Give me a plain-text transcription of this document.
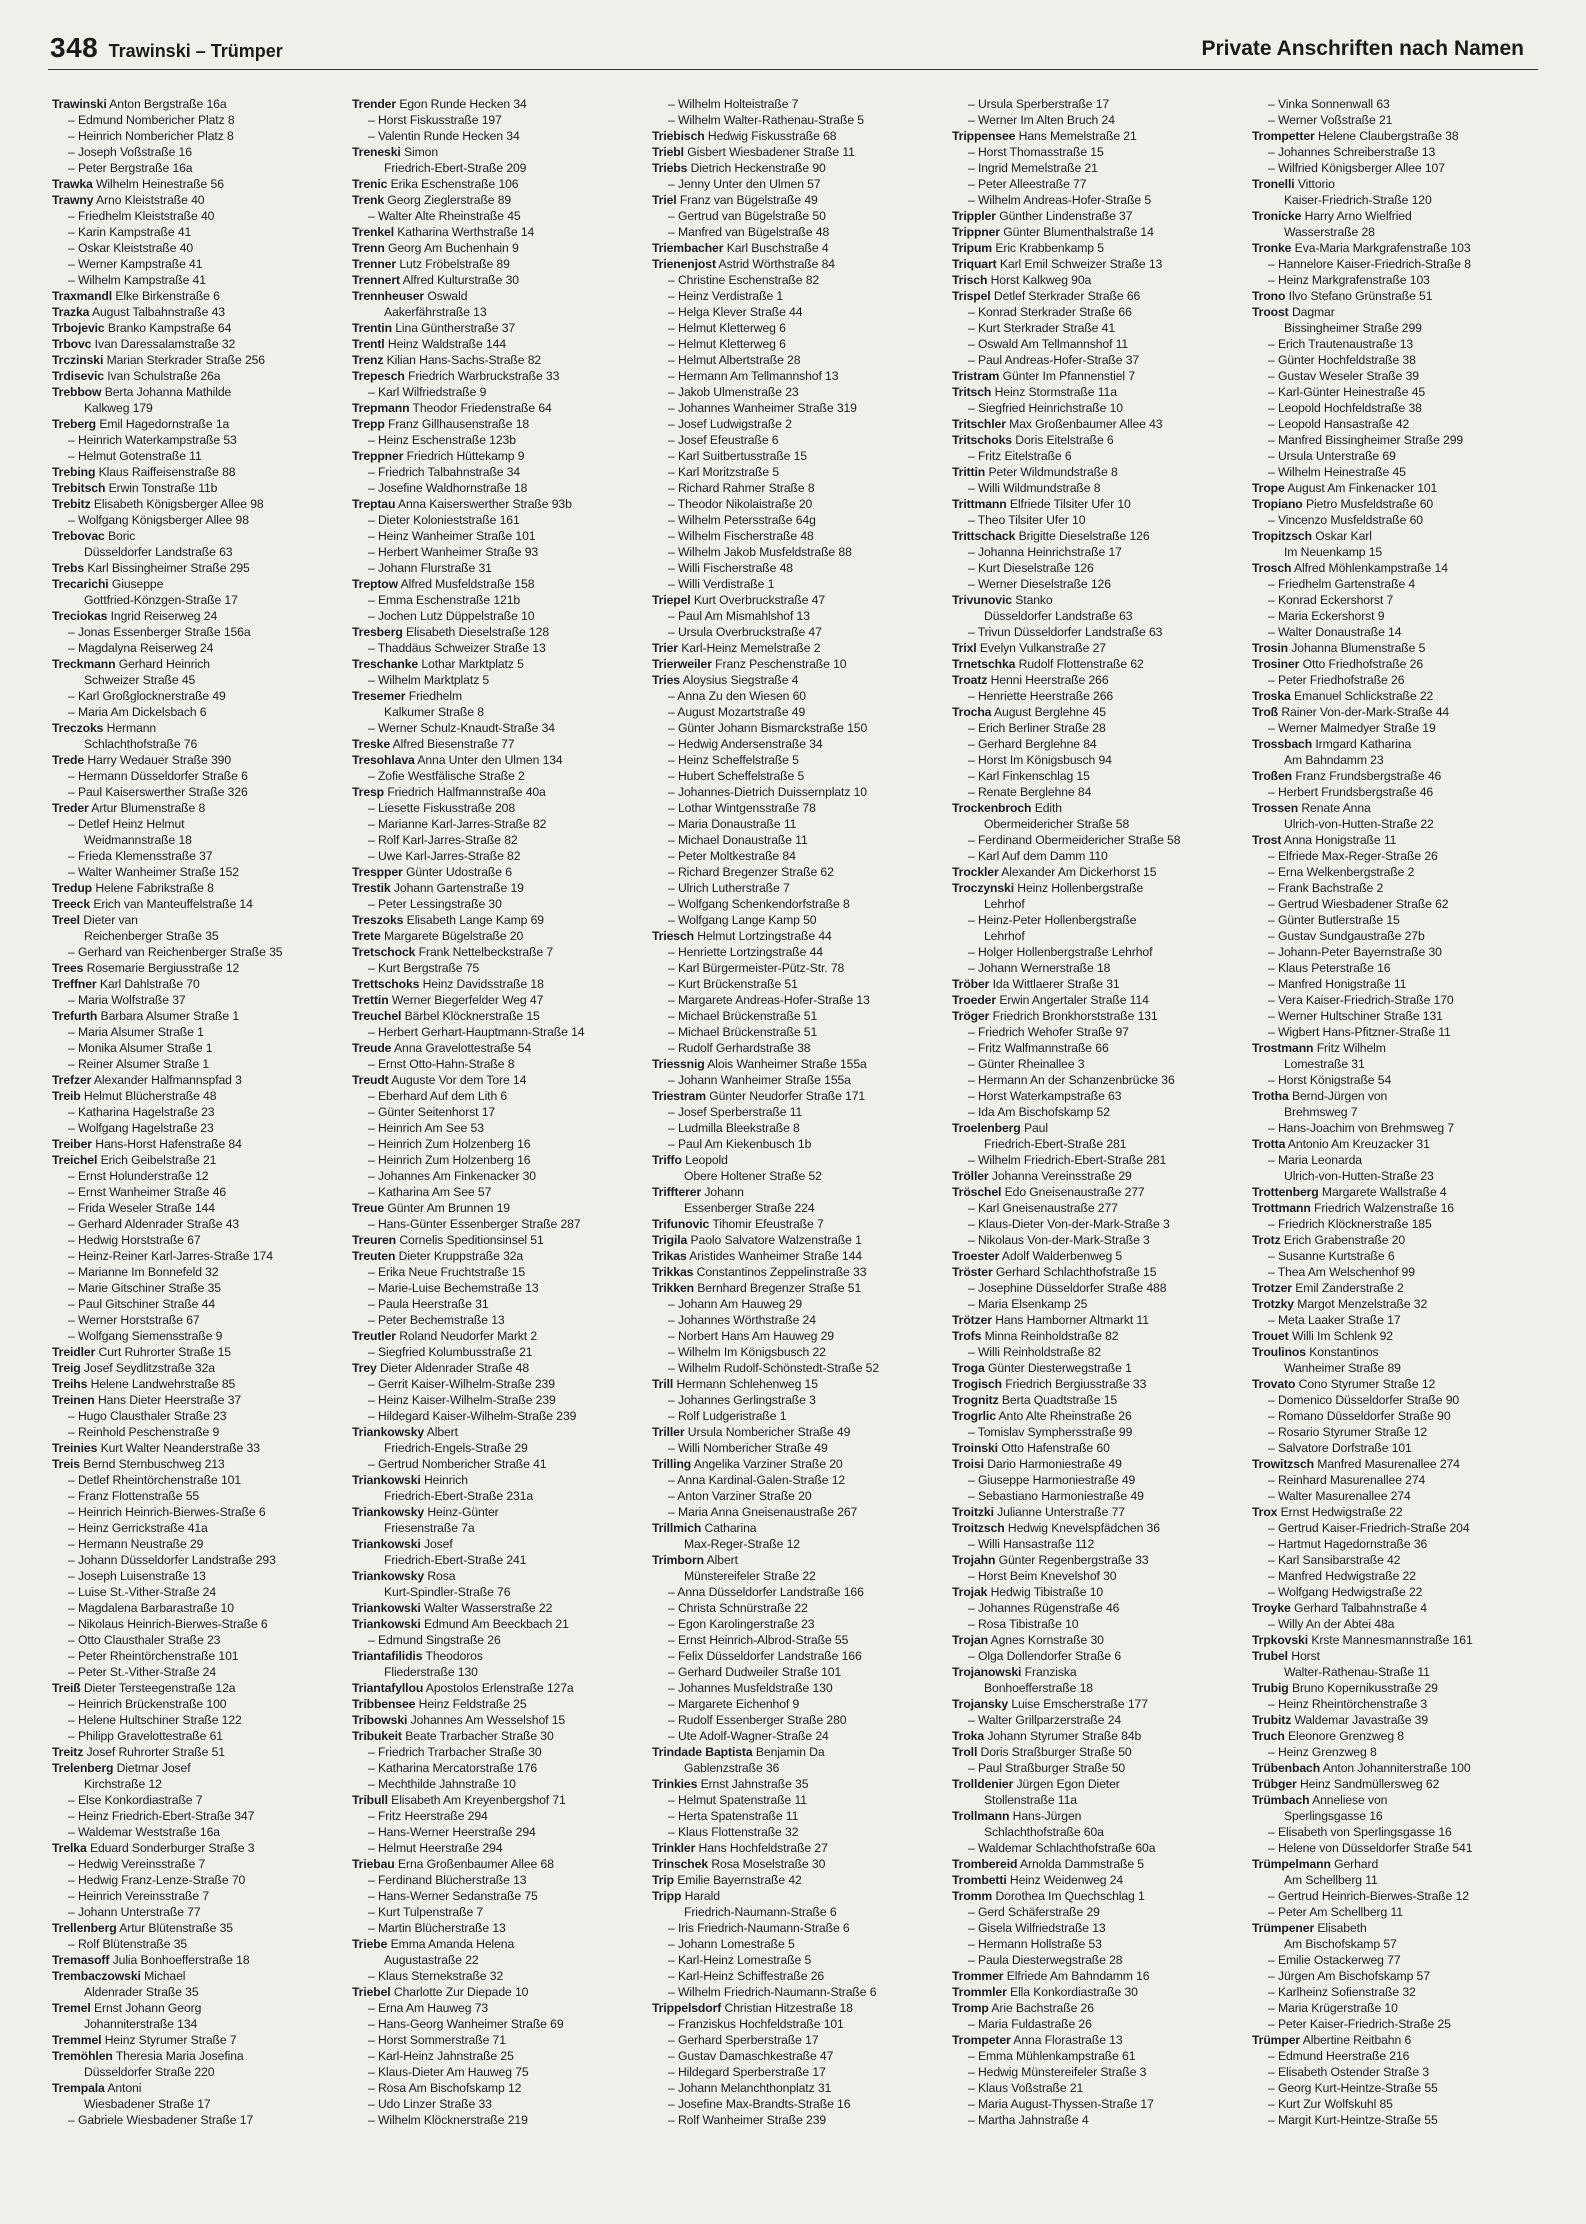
348 Trawinski – Trümper	Private Anschriften nach Namen
Trawinski Anton Bergstraße 16a
– Edmund Nombericher Platz 8
– Heinrich Nombericher Platz 8
– Joseph Voßstraße 16
– Peter Bergstraße 16a
Trawka Wilhelm Heinestraße 56
Trawny Arno Kleiststraße 40
– Friedhelm Kleiststraße 40
– Karin Kampstraße 41
– Oskar Kleiststraße 40
– Werner Kampstraße 41
– Wilhelm Kampstraße 41
Traxmandl Elke Birkenstraße 6
Trazka August Talbahnstraße 43
Trbojevic Branko Kampstraße 64
Trbovc Ivan Daressalamstraße 32
Trczinski Marian Sterkrader Straße 256
Trdisevic Ivan Schulstraße 26a
Trebbow Berta Johanna Mathilde
Kalkweg 179
Treberg Emil Hagedornstraße 1a
– Heinrich Waterkampstraße 53
– Helmut Gotenstraße 11
Trebing Klaus Raiffeisenstraße 88
Trebitsch Erwin Tonstraße 11b
Trebitz Elisabeth Königsberger Allee 98
– Wolfgang Königsberger Allee 98
Trebovac Boric
Düsseldorfer Landstraße 63
Trebs Karl Bissingheimer Straße 295
Trecarichi Giuseppe
Gottfried-Könzgen-Straße 17
Treciokas Ingrid Reiserweg 24
– Jonas Essenberger Straße 156a
– Magdalyna Reiserweg 24
Treckmann Gerhard Heinrich
Schweizer Straße 45
– Karl Großglocknerstraße 49
– Maria Am Dickelsbach 6
Treczoks Hermann
Schlachthofstraße 76
Trede Harry Wedauer Straße 390
– Hermann Düsseldorfer Straße 6
– Paul Kaiserswerther Straße 326
Treder Artur Blumenstraße 8
– Detlef Heinz Helmut
Weidmannstraße 18
– Frieda Klemensstraße 37
– Walter Wanheimer Straße 152
Tredup Helene Fabrikstraße 8
Treeck Erich van Manteuffelstraße 14
Treel Dieter van
Reichenberger Straße 35
– Gerhard van Reichenberger Straße 35
Trees Rosemarie Bergiusstraße 12
Treffner Karl Dahlstraße 70
– Maria Wolfstraße 37
Trefurth Barbara Alsumer Straße 1
– Maria Alsumer Straße 1
– Monika Alsumer Straße 1
– Reiner Alsumer Straße 1
Trefzer Alexander Halfmannspfad 3
Treib Helmut Blücherstraße 48
– Katharina Hagelstraße 23
– Wolfgang Hagelstraße 23
Treiber Hans-Horst Hafenstraße 84
Treichel Erich Geibelstraße 21
– Ernst Holunderstraße 12
– Ernst Wanheimer Straße 46
– Frida Weseler Straße 144
– Gerhard Aldenrader Straße 43
– Hedwig Horststraße 67
– Heinz-Reiner Karl-Jarres-Straße 174
– Marianne Im Bonnefeld 32
– Marie Gitschiner Straße 35
– Paul Gitschiner Straße 44
– Werner Horststraße 67
– Wolfgang Siemensstraße 9
Treidler Curt Ruhrorter Straße 15
Treig Josef Seydlitzstraße 32a
Treihs Helene Landwehrstraße 85
Treinen Hans Dieter Heerstraße 37
– Hugo Clausthaler Straße 23
– Reinhold Peschenstraße 9
Treinies Kurt Walter Neanderstraße 33
Treis Bernd Sternbuschweg 213
– Detlef Rheintörchenstraße 101
– Franz Flottenstraße 55
– Heinrich Heinrich-Bierwes-Straße 6
– Heinz Gerrickstraße 41a
– Hermann Neustraße 29
– Johann Düsseldorfer Landstraße 293
– Joseph Luisenstraße 13
– Luise St.-Vither-Straße 24
– Magdalena Barbarastraße 10
– Nikolaus Heinrich-Bierwes-Straße 6
– Otto Clausthaler Straße 23
– Peter Rheintörchenstraße 101
– Peter St.-Vither-Straße 24
Treiß Dieter Tersteegenstraße 12a
– Heinrich Brückenstraße 100
– Helene Hultschiner Straße 122
– Philipp Gravelottestraße 61
Treitz Josef Ruhrorter Straße 51
Trelenberg Dietmar Josef
Kirchstraße 12
– Else Konkordiastraße 7
– Heinz Friedrich-Ebert-Straße 347
– Waldemar Weststraße 16a
Trelka Eduard Sonderburger Straße 3
– Hedwig Vereinsstraße 7
– Hedwig Franz-Lenze-Straße 70
– Heinrich Vereinsstraße 7
– Johann Unterstraße 77
Trellenberg Artur Blütenstraße 35
– Rolf Blütenstraße 35
Tremasoff Julia Bonhoefferstraße 18
Trembaczowski Michael
Aldenrader Straße 35
Tremel Ernst Johann Georg
Johanniterstraße 134
Tremmel Heinz Styrumer Straße 7
Tremöhlen Theresia Maria Josefina
Düsseldorfer Straße 220
Trempala Antoni
Wiesbadener Straße 17
– Gabriele Wiesbadener Straße 17
Trender Egon Runde Hecken 34
– Horst Fiskusstraße 197
– Valentin Runde Hecken 34
Treneski Simon
Friedrich-Ebert-Straße 209
Trenic Erika Eschenstraße 106
Trenk Georg Zieglerstraße 89
– Walter Alte Rheinstraße 45
Trenkel Katharina Werthstraße 14
Trenn Georg Am Buchenhain 9
Trenner Lutz Fröbelstraße 89
Trennert Alfred Kulturstraße 30
Trennheuser Oswald
Aakerfährstraße 13
Trentin Lina Güntherstraße 37
Trentl Heinz Waldstraße 144
Trenz Kilian Hans-Sachs-Straße 82
Trepesch Friedrich Warbruckstraße 33
– Karl Wilfriedstraße 9
Trepmann Theodor Friedenstraße 64
Trepp Franz Gillhausenstraße 18
– Heinz Eschenstraße 123b
Treppner Friedrich Hüttekamp 9
– Friedrich Talbahnstraße 34
– Josefine Waldhornstraße 18
Treptau Anna Kaiserswerther Straße 93b
– Dieter Kolonieststraße 161
– Heinz Wanheimer Straße 101
– Herbert Wanheimer Straße 93
– Johann Flurstraße 31
Treptow Alfred Musfeldstraße 158
– Emma Eschenstraße 121b
– Jochen Lutz Düppelstraße 10
Tresberg Elisabeth Dieselstraße 128
– Thaddäus Schweizer Straße 13
Treschanke Lothar Marktplatz 5
– Wilhelm Marktplatz 5
Tresemer Friedhelm
Kalkumer Straße 8
– Werner Schulz-Knaudt-Straße 34
Treske Alfred Biesenstraße 77
Tresohlava Anna Unter den Ulmen 134
– Zofie Westfälische Straße 2
Tresp Friedrich Halfmannstraße 40a
– Liesette Fiskusstraße 208
– Marianne Karl-Jarres-Straße 82
– Rolf Karl-Jarres-Straße 82
– Uwe Karl-Jarres-Straße 82
Trespper Günter Udostraße 6
Trestik Johann Gartenstraße 19
– Peter Lessingstraße 30
Treszoks Elisabeth Lange Kamp 69
Trete Margarete Bügelstraße 20
Tretschock Frank Nettelbeckstraße 7
– Kurt Bergstraße 75
Trettschoks Heinz Davidsstraße 18
Trettin Werner Biegerfelder Weg 47
Treuchel Bärbel Klöcknerstraße 15
– Herbert Gerhart-Hauptmann-Straße 14
Treude Anna Gravelottestraße 54
– Ernst Otto-Hahn-Straße 8
Treudt Auguste Vor dem Tore 14
– Eberhard Auf dem Lith 6
– Günter Seitenhorst 17
– Heinrich Am See 53
– Heinrich Zum Holzenberg 16
– Heinrich Zum Holzenberg 16
– Johannes Am Finkenacker 30
– Katharina Am See 57
Treue Günter Am Brunnen 19
– Hans-Günter Essenberger Straße 287
Treuren Cornelis Speditionsinsel 51
Treuten Dieter Kruppstraße 32a
– Erika Neue Fruchtstraße 15
– Marie-Luise Bechemstraße 13
– Paula Heerstraße 31
– Peter Bechemstraße 13
Treutler Roland Neudorfer Markt 2
– Siegfried Kolumbusstraße 21
Trey Dieter Aldenrader Straße 48
– Gerrit Kaiser-Wilhelm-Straße 239
– Heinz Kaiser-Wilhelm-Straße 239
– Hildegard Kaiser-Wilhelm-Straße 239
Triankowsky Albert
Friedrich-Engels-Straße 29
– Gertrud Nombericher Straße 41
Triankowski Heinrich
Friedrich-Ebert-Straße 231a
Triankowsky Heinz-Günter
Friesenstraße 7a
Triankowski Josef
Friedrich-Ebert-Straße 241
Triankowsky Rosa
Kurt-Spindler-Straße 76
Triankowski Walter Wasserstraße 22
Triankowski Edmund Am Beeckbach 21
– Edmund Singstraße 26
Triantafilidis Theodoros
Fliederstraße 130
Triantafyllou Apostolos Erlenstraße 127a
Tribbensee Heinz Feldstraße 25
Tribowski Johannes Am Wesselshof 15
Tribukeit Beate Trarbacher Straße 30
– Friedrich Trarbacher Straße 30
– Katharina Mercatorstraße 176
– Mechthilde Jahnstraße 10
Tribull Elisabeth Am Kreyenbergshof 71
– Fritz Heerstraße 294
– Hans-Werner Heerstraße 294
– Helmut Heerstraße 294
Triebau Erna Großenbaumer Allee 68
– Ferdinand Blücherstraße 13
– Hans-Werner Sedanstraße 75
– Kurt Tulpenstraße 7
– Martin Blücherstraße 13
Triebe Emma Amanda Helena
Augustastraße 22
– Klaus Sternekstraße 32
Triebel Charlotte Zur Diepade 10
– Erna Am Hauweg 73
– Hans-Georg Wanheimer Straße 69
– Horst Sommerstraße 71
– Karl-Heinz Jahnstraße 25
– Klaus-Dieter Am Hauweg 75
– Rosa Am Bischofskamp 12
– Udo Linzer Straße 33
– Wilhelm Klöcknerstraße 219
– Wilhelm Holteistraße 7
– Wilhelm Walter-Rathenau-Straße 5
Triebisch Hedwig Fiskusstraße 68
Triebl Gisbert Wiesbadener Straße 11
Triebs Dietrich Heckenstraße 90
– Jenny Unter den Ulmen 57
Triel Franz van Bügelstraße 49
– Gertrud van Bügelstraße 50
– Manfred van Bügelstraße 48
Triembacher Karl Buschstraße 4
Trienenjost Astrid Wörthstraße 84
– Christine Eschenstraße 82
– Heinz Verdistraße 1
– Helga Klever Straße 44
– Helmut Kletterweg 6
– Helmut Kletterweg 6
– Helmut Albertstraße 28
– Hermann Am Tellmannshof 13
– Jakob Ulmenstraße 23
– Johannes Wanheimer Straße 319
– Josef Ludwigstraße 2
– Josef Efeustraße 6
– Karl Suitbertusstraße 15
– Karl Moritzstraße 5
– Richard Rahmer Straße 8
– Theodor Nikolaistraße 20
– Wilhelm Petersstraße 64g
– Wilhelm Fischerstraße 48
– Wilhelm Jakob Musfeldstraße 88
– Willi Fischerstraße 48
– Willi Verdistraße 1
Triepel Kurt Overbruckstraße 47
– Paul Am Mismahlshof 13
– Ursula Overbruckstraße 47
Trier Karl-Heinz Memelstraße 2
Trierweiler Franz Peschenstraße 10
Tries Aloysius Siegstraße 4
– Anna Zu den Wiesen 60
– August Mozartstraße 49
– Günter Johann Bismarckstraße 150
– Hedwig Andersenstraße 34
– Heinz Scheffelstraße 5
– Hubert Scheffelstraße 5
– Johannes-Dietrich Duissernplatz 10
– Lothar Wintgensstraße 78
– Maria Donaustraße 11
– Michael Donaustraße 11
– Peter Moltkestraße 84
– Richard Bregenzer Straße 62
– Ulrich Lutherstraße 7
– Wolfgang Schenkendorfstraße 8
– Wolfgang Lange Kamp 50
Triesch Helmut Lortzingstraße 44
– Henriette Lortzingstraße 44
– Karl Bürgermeister-Pütz-Str. 78
– Kurt Brückenstraße 51
– Margarete Andreas-Hofer-Straße 13
– Michael Brückenstraße 51
– Michael Brückenstraße 51
– Rudolf Gerhardstraße 38
Triessnig Alois Wanheimer Straße 155a
– Johann Wanheimer Straße 155a
Triestram Günter Neudorfer Straße 171
– Josef Sperberstraße 11
– Ludmilla Bleekstraße 8
– Paul Am Kiekenbusch 1b
Triffo Leopold
Obere Holtener Straße 52
Triffterer Johann
Essenberger Straße 224
Trifunovic Tihomir Efeustraße 7
Trigila Paolo Salvatore Walzenstraße 1
Trikas Aristides Wanheimer Straße 144
Trikkas Constantinos Zeppelinstraße 33
Trikken Bernhard Bregenzer Straße 51
– Johann Am Hauweg 29
– Johannes Wörthstraße 24
– Norbert Hans Am Hauweg 29
– Wilhelm Im Königsbusch 22
– Wilhelm Rudolf-Schönstedt-Straße 52
Trill Hermann Schlehenweg 15
– Johannes Gerlingstraße 3
– Rolf Ludgeristraße 1
Triller Ursula Nombericher Straße 49
– Willi Nombericher Straße 49
Trilling Angelika Varziner Straße 20
– Anna Kardinal-Galen-Straße 12
– Anton Varziner Straße 20
– Maria Anna Gneisenaustraße 267
Trillmich Catharina
Max-Reger-Straße 12
Trimborn Albert
Münstereifeler Straße 22
– Anna Düsseldorfer Landstraße 166
– Christa Schnürstraße 22
– Egon Karolingerstraße 23
– Ernst Heinrich-Albrod-Straße 55
– Felix Düsseldorfer Landstraße 166
– Gerhard Dudweiler Straße 101
– Johannes Musfeldstraße 130
– Margarete Eichenhof 9
– Rudolf Essenberger Straße 280
– Ute Adolf-Wagner-Straße 24
Trindade Baptista Benjamin Da
Gablenzstraße 36
Trinkies Ernst Jahnstraße 35
– Helmut Spatenstraße 11
– Herta Spatenstraße 11
– Klaus Flottenstraße 32
Trinkler Hans Hochfeldstraße 27
Trinschek Rosa Moselstraße 30
Trip Emilie Bayernstraße 42
Tripp Harald
Friedrich-Naumann-Straße 6
– Iris Friedrich-Naumann-Straße 6
– Johann Lomestraße 5
– Karl-Heinz Lomestraße 5
– Karl-Heinz Schiffestraße 26
– Wilhelm Friedrich-Naumann-Straße 6
Trippelsdorf Christian Hitzestraße 18
– Franziskus Hochfeldstraße 101
– Gerhard Sperberstraße 17
– Gustav Damaschkestraße 47
– Hildegard Sperberstraße 17
– Johann Melanchthonplatz 31
– Josefine Max-Brandts-Straße 16
– Rolf Wanheimer Straße 239
– Ursula Sperberstraße 17
– Werner Im Alten Bruch 24
Trippensee Hans Memelstraße 21
– Horst Thomasstraße 15
– Ingrid Memelstraße 21
– Peter Alleestraße 77
– Wilhelm Andreas-Hofer-Straße 5
Trippler Günther Lindenstraße 37
Trippner Günter Blumenthalstraße 14
Tripum Eric Krabbenkamp 5
Triquart Karl Emil Schweizer Straße 13
Trisch Horst Kalkweg 90a
Trispel Detlef Sterkrader Straße 66
– Konrad Sterkrader Straße 66
– Kurt Sterkrader Straße 41
– Oswald Am Tellmannshof 11
– Paul Andreas-Hofer-Straße 37
Tristram Günter Im Pfannenstiel 7
Tritsch Heinz Stormstraße 11a
– Siegfried Heinrichstraße 10
Tritschler Max Großenbaumer Allee 43
Tritschoks Doris Eitelstraße 6
– Fritz Eitelstraße 6
Trittin Peter Wildmundstraße 8
– Willi Wildmundstraße 8
Trittmann Elfriede Tilsiter Ufer 10
– Theo Tilsiter Ufer 10
Trittschack Brigitte Dieselstraße 126
– Johanna Heinrichstraße 17
– Kurt Dieselstraße 126
– Werner Dieselstraße 126
Trivunovic Stanko
Düsseldorfer Landstraße 63
– Trivun Düsseldorfer Landstraße 63
Trixl Evelyn Vulkanstraße 27
Trnetschka Rudolf Flottenstraße 62
Troatz Henni Heerstraße 266
– Henriette Heerstraße 266
Trocha August Berglehne 45
– Erich Berliner Straße 28
– Gerhard Berglehne 84
– Horst Im Königsbusch 94
– Karl Finkenschlag 15
– Renate Berglehne 84
Trockenbroch Edith
Obermeidericher Straße 58
– Ferdinand Obermeidericher Straße 58
– Karl Auf dem Damm 110
Trockler Alexander Am Dickerhorst 15
Troczynski Heinz Hollenbergstraße
Lehrhof
– Heinz-Peter Hollenbergstraße
Lehrhof
– Holger Hollenbergstraße Lehrhof
– Johann Wernerstraße 18
Tröber Ida Wittlaerer Straße 31
Troeder Erwin Angertaler Straße 114
Tröger Friedrich Bronkhorststraße 131
– Friedrich Wehofer Straße 97
– Fritz Walfmannstraße 66
– Günter Rheinallee 3
– Hermann An der Schanzenbrücke 36
– Horst Waterkampstraße 63
– Ida Am Bischofskamp 52
Troelenberg Paul
Friedrich-Ebert-Straße 281
– Wilhelm Friedrich-Ebert-Straße 281
Tröller Johanna Vereinsstraße 29
Tröschel Edo Gneisenaustraße 277
– Karl Gneisenaustraße 277
– Klaus-Dieter Von-der-Mark-Straße 3
– Nikolaus Von-der-Mark-Straße 3
Troester Adolf Walderbenweg 5
Tröster Gerhard Schlachthofstraße 15
– Josephine Düsseldorfer Straße 488
– Maria Elsenkamp 25
Trötzer Hans Hamborner Altmarkt 11
Trofs Minna Reinholdstraße 82
– Willi Reinholdstraße 82
Troga Günter Diesterwegstraße 1
Trogisch Friedrich Bergiusstraße 33
Trognitz Berta Quadtstraße 15
Trogrlic Anto Alte Rheinstraße 26
– Tomislav Symphersstraße 99
Troinski Otto Hafenstraße 60
Troisi Dario Harmoniestraße 49
– Giuseppe Harmoniestraße 49
– Sebastiano Harmoniestraße 49
Troitzki Julianne Unterstraße 77
Troitzsch Hedwig Knevelspfädchen 36
– Willi Hansastraße 112
Trojahn Günter Regenbergstraße 33
– Horst Beim Knevelshof 30
Trojak Hedwig Tibistraße 10
– Johannes Rügenstraße 46
– Rosa Tibistraße 10
Trojan Agnes Kornstraße 30
– Olga Dollendorfer Straße 6
Trojanowski Franziska
Bonhoefferstraße 18
Trojansky Luise Emscherstraße 177
– Walter Grillparzerstraße 24
Troka Johann Styrumer Straße 84b
Troll Doris Straßburger Straße 50
– Paul Straßburger Straße 50
Trolldenier Jürgen Egon Dieter
Stollenstraße 11a
Trollmann Hans-Jürgen
Schlachthofstraße 60a
– Waldemar Schlachthofstraße 60a
Trombereid Arnolda Dammstraße 5
Trombetti Heinz Weidenweg 24
Tromm Dorothea Im Quechschlag 1
– Gerd Schäferstraße 29
– Gisela Wilfriedstraße 13
– Hermann Hollstraße 53
– Paula Diesterwegstraße 28
Trommer Elfriede Am Bahndamm 16
Trommler Ella Konkordiastraße 30
Tromp Arie Bachstraße 26
– Maria Fuldastraße 26
Trompeter Anna Florastraße 13
– Emma Mühlenkampstraße 61
– Hedwig Münstereifeler Straße 3
– Klaus Voßstraße 21
– Maria August-Thyssen-Straße 17
– Martha Jahnstraße 4
– Vinka Sonnenwall 63
– Werner Voßstraße 21
Trompetter Helene Claubergstraße 38
– Johannes Schreiberstraße 13
– Wilfried Königsberger Allee 107
Tronelli Vittorio
Kaiser-Friedrich-Straße 120
Tronicke Harry Arno Wielfried
Wasserstraße 28
Tronke Eva-Maria Markgrafenstraße 103
– Hannelore Kaiser-Friedrich-Straße 8
– Heinz Markgrafenstraße 103
Trono Ilvo Stefano Grünstraße 51
Troost Dagmar
Bissingheimer Straße 299
– Erich Trautenaustraße 13
– Günter Hochfeldstraße 38
– Gustav Weseler Straße 39
– Karl-Günter Heinestraße 45
– Leopold Hochfeldstraße 38
– Leopold Hansastraße 42
– Manfred Bissingheimer Straße 299
– Ursula Unterstraße 69
– Wilhelm Heinestraße 45
Trope August Am Finkenacker 101
Tropiano Pietro Musfeldstraße 60
– Vincenzo Musfeldstraße 60
Tropitzsch Oskar Karl
Im Neuenkamp 15
Trosch Alfred Möhlenkampstraße 14
– Friedhelm Gartenstraße 4
– Konrad Eckershorst 7
– Maria Eckershorst 9
– Walter Donaustraße 14
Trosin Johanna Blumenstraße 5
Trosiner Otto Friedhofstraße 26
– Peter Friedhofstraße 26
Troska Emanuel Schlickstraße 22
Troß Rainer Von-der-Mark-Straße 44
– Werner Malmedyer Straße 19
Trossbach Irmgard Katharina
Am Bahndamm 23
Troßen Franz Frundsbergstraße 46
– Herbert Frundsbergstraße 46
Trossen Renate Anna
Ulrich-von-Hutten-Straße 22
Trost Anna Honigstraße 11
– Elfriede Max-Reger-Straße 26
– Erna Welkenbergstraße 2
– Frank Bachstraße 2
– Gertrud Wiesbadener Straße 62
– Günter Butlerstraße 15
– Gustav Sundgaustraße 27b
– Johann-Peter Bayernstraße 30
– Klaus Peterstraße 16
– Manfred Honigstraße 11
– Vera Kaiser-Friedrich-Straße 170
– Werner Hultschiner Straße 131
– Wigbert Hans-Pfitzner-Straße 11
Trostmann Fritz Wilhelm
Lomestraße 31
– Horst Königstraße 54
Trotha Bernd-Jürgen von
Brehmsweg 7
– Hans-Joachim von Brehmsweg 7
Trotta Antonio Am Kreuzacker 31
– Maria Leonarda
Ulrich-von-Hutten-Straße 23
Trottenberg Margarete Wallstraße 4
Trottmann Friedrich Walzenstraße 16
– Friedrich Klöcknerstraße 185
Trotz Erich Grabenstraße 20
– Susanne Kurtstraße 6
– Thea Am Welschenhof 99
Trotzer Emil Zanderstraße 2
Trotzky Margot Menzelstraße 32
– Meta Laaker Straße 17
Trouet Willi Im Schlenk 92
Troulinos Konstantinos
Wanheimer Straße 89
Trovato Cono Styrumer Straße 12
– Domenico Düsseldorfer Straße 90
– Romano Düsseldorfer Straße 90
– Rosario Styrumer Straße 12
– Salvatore Dorfstraße 101
Trowitzsch Manfred Masurenallee 274
– Reinhard Masurenallee 274
– Walter Masurenallee 274
Trox Ernst Hedwigstraße 22
– Gertrud Kaiser-Friedrich-Straße 204
– Hartmut Hagedornstraße 36
– Karl Sansibarstraße 42
– Manfred Hedwigstraße 22
– Wolfgang Hedwigstraße 22
Troyke Gerhard Talbahnstraße 4
– Willy An der Abtei 48a
Trpkovski Krste Mannesmannstraße 161
Trubel Horst
Walter-Rathenau-Straße 11
Trubig Bruno Kopernikusstraße 29
– Heinz Rheintörchenstraße 3
Trubitz Waldemar Javastraße 39
Truch Eleonore Grenzweg 8
– Heinz Grenzweg 8
Trübenbach Anton Johanniterstraße 100
Trübger Heinz Sandmüllersweg 62
Trümbach Anneliese von
Sperlingsgasse 16
– Elisabeth von Sperlingsgasse 16
– Helene von Düsseldorfer Straße 541
Trümpelmann Gerhard
Am Schellberg 11
– Gertrud Heinrich-Bierwes-Straße 12
– Peter Am Schellberg 11
Trümpener Elisabeth
Am Bischofskamp 57
– Emilie Ostackerweg 77
– Jürgen Am Bischofskamp 57
– Karlheinz Sofienstraße 32
– Maria Krügerstraße 10
– Peter Kaiser-Friedrich-Straße 25
Trümper Albertine Reitbahn 6
– Edmund Heerstraße 216
– Elisabeth Ostender Straße 3
– Georg Kurt-Heintze-Straße 55
– Kurt Zur Wolfskuhl 85
– Margit Kurt-Heintze-Straße 55
